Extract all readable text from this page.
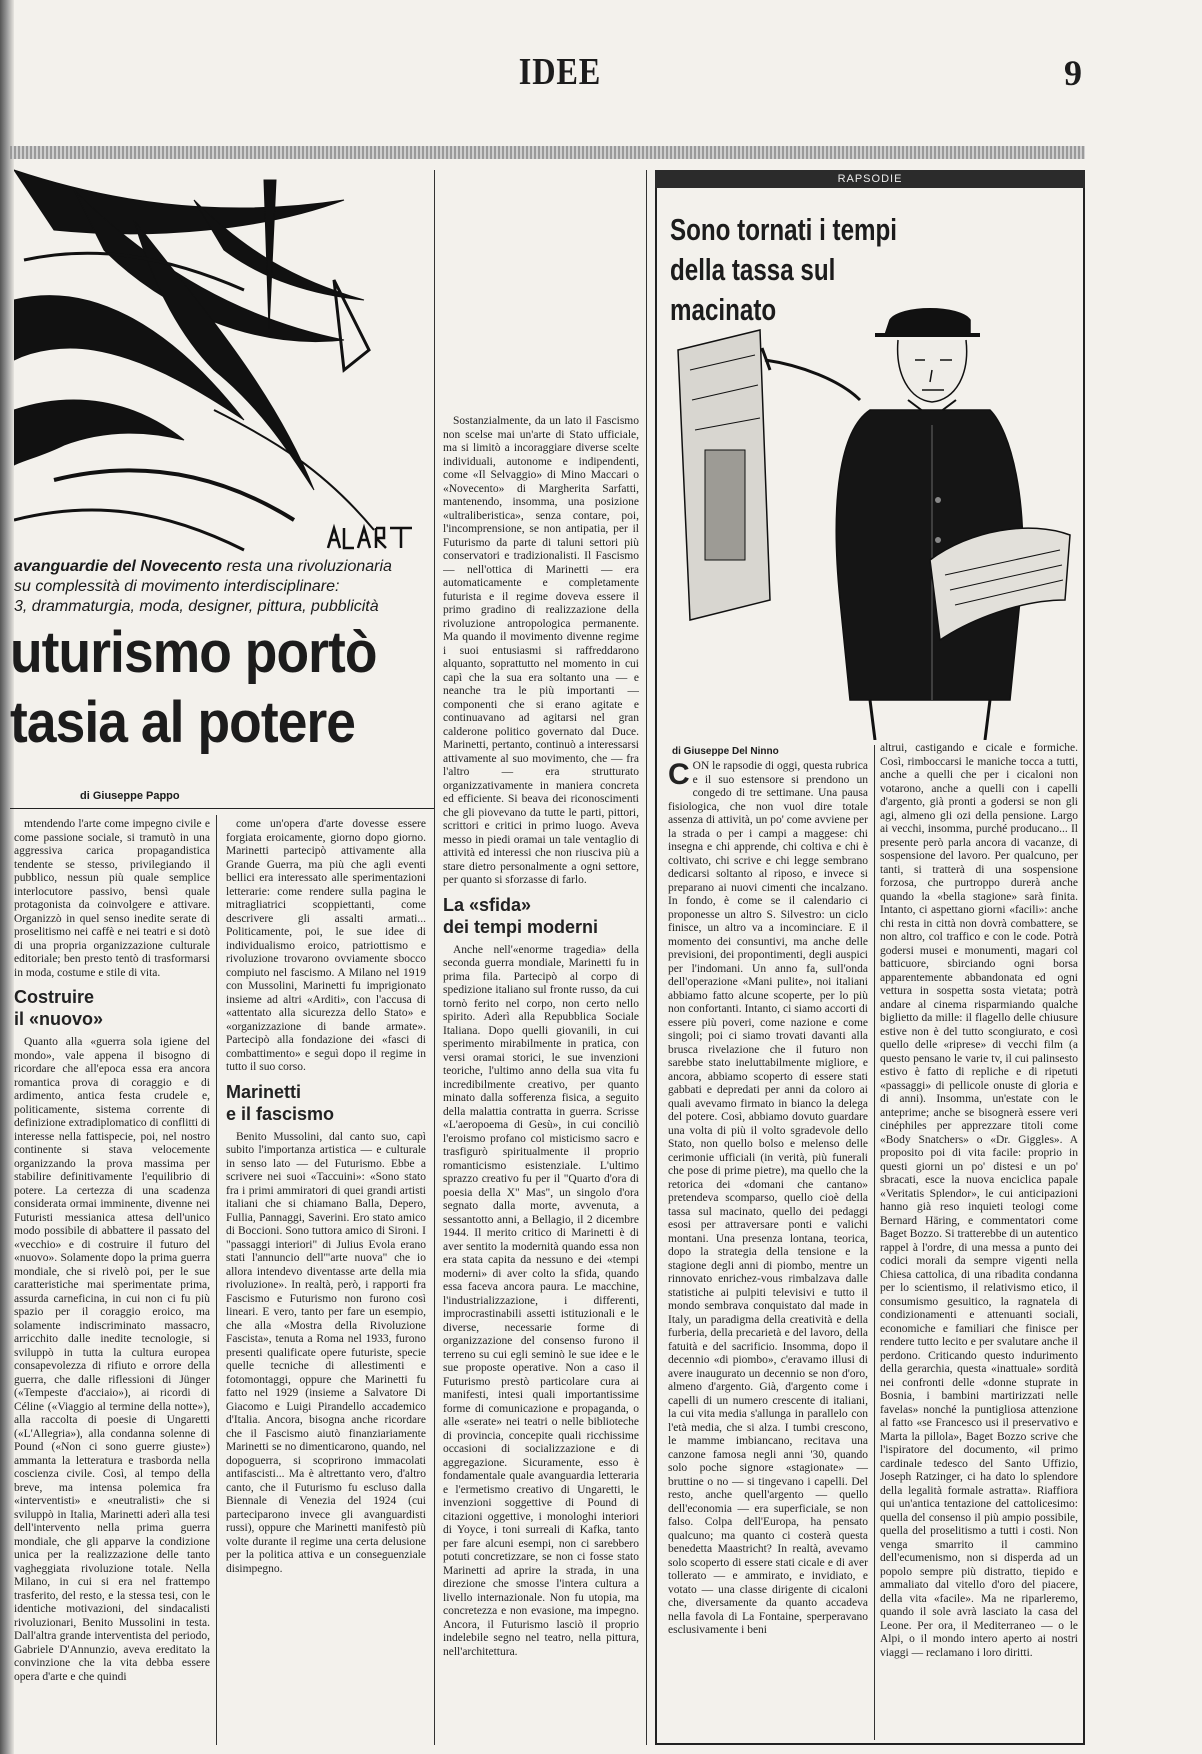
IDEE	9
avanguardie del Novecento resta una rivoluzionaria
su complessità di movimento interdisciplinare:
3, drammaturgia, moda, designer, pittura, pubblicità
uturismo portò
tasia al potere
di Giuseppe Pappo

mtendendo l'arte come impegno civile e come passione sociale, si tramutò in una aggressiva carica propagandistica tendente se stesso, privilegiando il pubblico, nessun più quale semplice interlocutore passivo, bensì quale protagonista da coinvolgere e attivare. Organizzò in quel senso inedite serate di proselitismo nei caffè e nei teatri e si dotò di una propria organizzazione culturale editoriale; ben presto tentò di trasformarsi in moda, costume e stile di vita.

Costruire
il «nuovo»

Quanto alla «guerra sola igiene del mondo», vale appena il bisogno di ricordare che all'epoca essa era ancora romantica prova di coraggio e di ardimento, antica festa crudele e, politicamente, sistema corrente di definizione extradiplomatico di conflitti di interesse nella fattispecie, poi, nel nostro continente si stava velocemente organizzando la prova massima per stabilire definitivamente l'equilibrio di potere. La certezza di una scadenza considerata ormai imminente, divenne nei Futuristi messianica attesa dell'unico modo possibile di abbattere il passato del «vecchio» e di costruire il futuro del «nuovo». Solamente dopo la prima guerra mondiale, che si rivelò poi, per le sue caratteristiche mai sperimentate prima, assurda carneficina, in cui non ci fu più spazio per il coraggio eroico, ma solamente indiscriminato massacro, arricchito dalle inedite tecnologie, si sviluppò in tutta la cultura europea consapevolezza di rifiuto e orrore della guerra, che dalle riflessioni di Jünger («Tempeste d'acciaio»), ai ricordi di Céline («Viaggio al termine della notte»), alla raccolta di poesie di Ungaretti («L'Allegria»), alla condanna solenne di Pound («Non ci sono guerre giuste») ammanta la letteratura e trasborda nella coscienza civile. Così, al tempo della breve, ma intensa polemica fra «interventisti» e «neutralisti» che si sviluppò in Italia, Marinetti aderì alla tesi dell'intervento nella prima guerra mondiale, che gli apparve la condizione unica per la realizzazione delle tanto vagheggiata rivoluzione totale. Nella Milano, in cui si era nel frattempo trasferito, del resto, e la stessa tesi, con le identiche motivazioni, del sindacalisti rivoluzionari, Benito Mussolini in testa. Dall'altra grande interventista del periodo, Gabriele D'Annunzio, aveva ereditato la convinzione che la vita debba essere opera d'arte e che quindi

come un'opera d'arte dovesse essere forgiata eroicamente, giorno dopo giorno. Marinetti partecipò attivamente alla Grande Guerra, ma più che agli eventi bellici era interessato alle sperimentazioni letterarie: come rendere sulla pagina le mitragliatrici scoppiettanti, come descrivere gli assalti armati... Politicamente, poi, le sue idee di individualismo eroico, patriottismo e rivoluzione trovarono ovviamente sbocco compiuto nel fascismo. A Milano nel 1919 con Mussolini, Marinetti fu imprigionato insieme ad altri «Arditi», con l'accusa di «attentato alla sicurezza dello Stato» e «organizzazione di bande armate». Partecipò alla fondazione dei «fasci di combattimento» e seguì dopo il regime in tutto il suo corso.

Marinetti
e il fascismo

Benito Mussolini, dal canto suo, capì subito l'importanza artistica — e culturale in senso lato — del Futurismo. Ebbe a scrivere nei suoi «Taccuini»: «Sono stato fra i primi ammiratori di quei grandi artisti italiani che si chiamano Balla, Depero, Fullia, Pannaggi, Saverini. Ero stato amico di Boccioni. Sono tuttora amico di Sironi. I "passaggi interiori" di Julius Evola erano stati l'annuncio dell'"arte nuova" che io allora intendevo diventasse arte della mia rivoluzione». In realtà, però, i rapporti fra Fascismo e Futurismo non furono così lineari. E vero, tanto per fare un esempio, che alla «Mostra della Rivoluzione Fascista», tenuta a Roma nel 1933, furono presenti qualificate opere futuriste, specie quelle tecniche di allestimenti e fotomontaggi, oppure che Marinetti fu fatto nel 1929 (insieme a Salvatore Di Giacomo e Luigi Pirandello accademico d'Italia. Ancora, bisogna anche ricordare che il Fascismo aiutò finanziariamente Marinetti se no dimenticarono, quando, nel dopoguerra, si scoprirono immacolati antifascisti... Ma è altrettanto vero, d'altro canto, che il Futurismo fu escluso dalla Biennale di Venezia del 1924 (cui parteciparono invece gli avanguardisti russi), oppure che Marinetti manifestò più volte durante il regime una certa delusione per la politica attiva e un conseguenziale disimpegno.

Sostanzialmente, da un lato il Fascismo non scelse mai un'arte di Stato ufficiale, ma si limitò a incoraggiare diverse scelte individuali, autonome e indipendenti, come «Il Selvaggio» di Mino Maccari o «Novecento» di Margherita Sarfatti, mantenendo, insomma, una posizione «ultraliberistica», senza contare, poi, l'incomprensione, se non antipatia, per il Futurismo da parte di taluni settori più conservatori e tradizionalisti. Il Fascismo — nell'ottica di Marinetti — era automaticamente e completamente futurista e il regime doveva essere il primo gradino di realizzazione della rivoluzione antropologica permanente. Ma quando il movimento divenne regime i suoi entusiasmi si raffreddarono alquanto, soprattutto nel momento in cui capì che la sua era soltanto una — e neanche tra le più importanti — componenti che si erano agitate e continuavano ad agitarsi nel gran calderone politico governato dal Duce. Marinetti, pertanto, continuò a interessarsi attivamente al suo movimento, che — fra l'altro — era strutturato organizzativamente in maniera concreta ed efficiente. Si beava dei riconoscimenti che gli piovevano da tutte le parti, pittori, scrittori e critici in primo luogo. Aveva messo in piedi oramai un tale ventaglio di attività ed interessi che non riusciva più a stare dietro personalmente a ogni settore, per quanto si sforzasse di farlo.

La «sfida»
dei tempi moderni

Anche nell'«enorme tragedia» della seconda guerra mondiale, Marinetti fu in prima fila. Partecipò al corpo di spedizione italiano sul fronte russo, da cui tornò ferito nel corpo, non certo nello spirito. Aderì alla Repubblica Sociale Italiana. Dopo quelli giovanili, in cui sperimento mirabilmente in pratica, con versi oramai storici, le sue invenzioni teoriche, l'ultimo anno della sua vita fu incredibilmente creativo, per quanto minato dalla sofferenza fisica, a seguito della malattia contratta in guerra. Scrisse «L'aeropoema di Gesù», in cui conciliò l'eroismo profano col misticismo sacro e trasfigurò spiritualmente il proprio romanticismo esistenziale. L'ultimo sprazzo creativo fu per il "Quarto d'ora di poesia della X" Mas", un singolo d'ora segnato dalla morte, avvenuta, a sessantotto anni, a Bellagio, il 2 dicembre 1944. Il merito critico di Marinetti è di aver sentito la modernità quando essa non era stata capita da nessuno e dei «tempi moderni» di aver colto la sfida, quando essa faceva ancora paura. Le macchine, l'industrializzazione, i differenti, improcrastinabili assetti istituzionali e le diverse, necessarie forme di organizzazione del consenso furono il terreno su cui egli seminò le sue idee e le sue proposte operative. Non a caso il Futurismo prestò particolare cura ai manifesti, intesi quali importantissime forme di comunicazione e propaganda, o alle «serate» nei teatri o nelle biblioteche di provincia, concepite quali ricchissime occasioni di socializzazione e di aggregazione. Sicuramente, esso è fondamentale quale avanguardia letteraria e l'ermetismo creativo di Ungaretti, le invenzioni soggettive di Pound di citazioni oggettive, i monologhi interiori di Yoyce, i toni surreali di Kafka, tanto per fare alcuni esempi, non ci sarebbero potuti concretizzare, se non ci fosse stato Marinetti ad aprire la strada, in una direzione che smosse l'intera cultura a livello internazionale. Non fu utopia, ma concretezza e non evasione, ma impegno. Ancora, il Futurismo lasciò il proprio indelebile segno nel teatro, nella pittura, nell'architettura.

RAPSODIE
Sono tornati i tempi
della tassa sul macinato
di Giuseppe Del Ninno
C ON le rapsodie di oggi, questa rubrica e il suo estensore si prendono un congedo di tre settimane. Una pausa fisiologica, che non vuol dire totale assenza di attività, un po' come avviene per la strada o per i campi a maggese: chi insegna e chi apprende, chi coltiva e chi è coltivato, chi scrive e chi legge sembrano dedicarsi soltanto al riposo, e invece si preparano ai nuovi cimenti che incalzano. In fondo, è come se il calendario ci proponesse un altro S. Silvestro: un ciclo finisce, un altro va a incominciare. E il momento dei consuntivi, ma anche delle previsioni, dei propontimenti, degli auspici per l'indomani. Un anno fa, sull'onda dell'operazione «Mani pulite», noi italiani abbiamo fatto alcune scoperte, per lo più non confortanti. Intanto, ci siamo accorti di essere più poveri, come nazione e come singoli; poi ci siamo trovati davanti alla brusca rivelazione che il futuro non sarebbe stato ineluttabilmente migliore, e ancora, abbiamo scoperto di essere stati gabbati e depredati per anni da coloro ai quali avevamo firmato in bianco la delega del potere. Così, abbiamo dovuto guardare una volta di più il volto sgradevole dello Stato, non quello bolso e melenso delle cerimonie ufficiali (in verità, più funerali che pose di prime pietre), ma quello che la retorica dei «domani che cantano» pretendeva scomparso, quello cioè della tassa sul macinato, quello dei pedaggi esosi per attraversare ponti e valichi montani. Una presenza lontana, teorica, dopo la strategia della tensione e la stagione degli anni di piombo, mentre un rinnovato enrichez-vous rimbalzava dalle statistiche ai pulpiti televisivi e tutto il mondo sembrava conquistato dal made in Italy, un paradigma della creatività e della furberia, della precarietà e del lavoro, della fatuità e del sacrificio. Insomma, dopo il decennio «di piombo», c'eravamo illusi di avere inaugurato un decennio se non d'oro, almeno d'argento. Già, d'argento come i capelli di un numero crescente di italiani, la cui vita media s'allunga in parallelo con l'età media, che si alza. I tumbi crescono, le mamme imbiancano, recitava una canzone famosa negli anni '30, quando solo poche signore «stagionate» — bruttine o no — si tingevano i capelli. Del resto, anche quell'argento — quello dell'economia — era superficiale, se non falso. Colpa dell'Europa, ha pensato qualcuno; ma quanto ci costerà questa benedetta Maastricht? In realtà, avevamo solo scoperto di essere stati cicale e di aver tollerato — e ammirato, e invidiato, e votato — una classe dirigente di cicaloni che, diversamente da quanto accadeva nella favola di La Fontaine, sperperavano esclusivamente i beni

altrui, castigando e cicale e formiche. Così, rimboccarsi le maniche tocca a tutti, anche a quelli che per i cicaloni non votarono, anche a quelli con i capelli d'argento, già pronti a godersi se non gli agi, almeno gli ozi della pensione. Largo ai vecchi, insomma, purché producano... Il presente però parla ancora di vacanze, di sospensione del lavoro. Per qualcuno, per tanti, si tratterà di una sospensione forzosa, che purtroppo durerà anche quando la «bella stagione» sarà finita. Intanto, ci aspettano giorni «facili»: anche chi resta in città non dovrà combattere, se non altro, col traffico e con le code. Potrà godersi musei e monumenti, magari col batticuore, sbirciando ogni borsa apparentemente abbandonata ed ogni vettura in sospetta sosta vietata; potrà andare al cinema risparmiando qualche biglietto da mille: il flagello delle chiusure estive non è del tutto scongiurato, e così quello delle «riprese» di vecchi film (a questo pensano le varie tv, il cui palinsesto estivo è fatto di repliche e di ripetuti «passaggi» di pellicole onuste di gloria e di anni). Insomma, un'estate con le anteprime; anche se bisognerà essere veri cinéphiles per apprezzare titoli come «Body Snatchers» o «Dr. Giggles». A proposito poi di vita facile: proprio in questi giorni un po' distesi e un po' sbracati, esce la nuova enciclica papale «Veritatis Splendor», le cui anticipazioni hanno già reso inquieti teologi come Bernard Häring, e commentatori come Baget Bozzo. Si tratterebbe di un autentico rappel à l'ordre, di una messa a punto dei codici morali da sempre vigenti nella Chiesa cattolica, di una ribadita condanna per lo scientismo, il relativismo etico, il consumismo gesuitico, la ragnatela di condizionamenti e attenuanti sociali, economiche e familiari che finisce per rendere tutto lecito e per svalutare anche il perdono. Criticando questo indurimento della gerarchia, questa «inattuale» sordità nei confronti delle «donne stuprate in Bosnia, i bambini martirizzati nelle favelas» nonché la puntigliosa attenzione al fatto «se Francesco usi il preservativo e Marta la pillola», Baget Bozzo scrive che l'ispiratore del documento, «il primo cardinale tedesco del Santo Uffizio, Joseph Ratzinger, ci ha dato lo splendore della legalità formale astratta». Riaffiora qui un'antica tentazione del cattolicesimo: quella del consenso il più ampio possibile, quella del proselitismo a tutti i costi. Non venga smarrito il cammino dell'ecumenismo, non si disperda ad un popolo sempre più distratto, tiepido e ammaliato dal vitello d'oro del piacere, della vita «facile». Ma ne riparleremo, quando il sole avrà lasciato la casa del Leone. Per ora, il Mediterraneo — o le Alpi, o il mondo intero aperto ai nostri viaggi — reclamano i loro diritti.
